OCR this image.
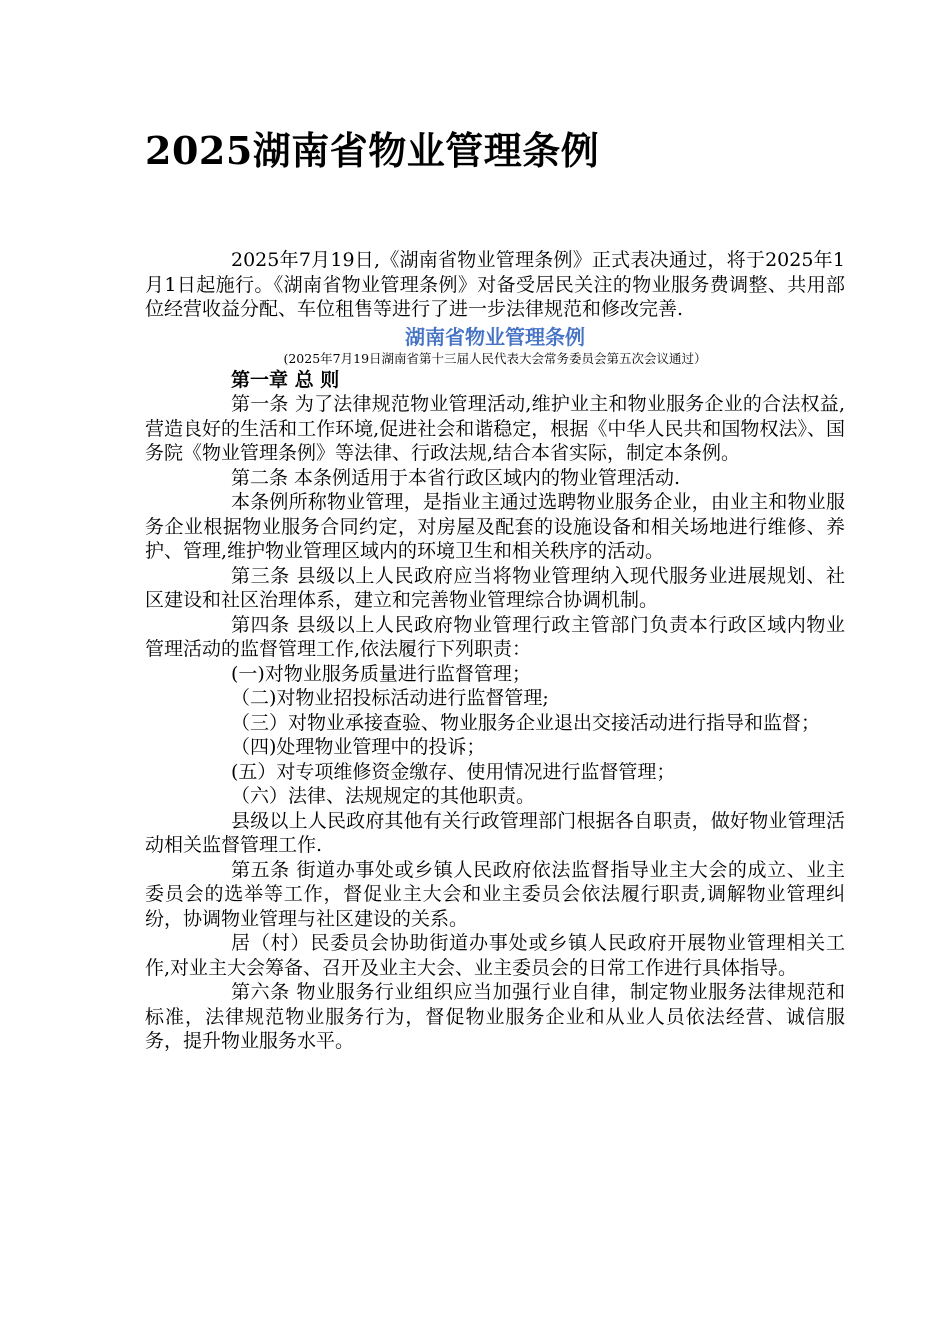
2025湖南省物业管理条例

2025年7月19日,《湖南省物业管理条例》正式表决通过，将于2025年1月1日起施行。《湖南省物业管理条例》对备受居民关注的物业服务费调整、共用部位经营收益分配、车位租售等进行了进一步法律规范和修改完善.

湖南省物业管理条例

(2025年7月19日湖南省第十三届人民代表大会常务委员会第五次会议通过）

第一章 总 则

第一条 为了法律规范物业管理活动,维护业主和物业服务企业的合法权益,营造良好的生活和工作环境,促进社会和谐稳定，根据《中华人民共和国物权法》、国务院《物业管理条例》等法律、行政法规,结合本省实际，制定本条例。

第二条 本条例适用于本省行政区域内的物业管理活动.

本条例所称物业管理，是指业主通过选聘物业服务企业，由业主和物业服务企业根据物业服务合同约定，对房屋及配套的设施设备和相关场地进行维修、养护、管理,维护物业管理区域内的环境卫生和相关秩序的活动。

第三条 县级以上人民政府应当将物业管理纳入现代服务业进展规划、社区建设和社区治理体系，建立和完善物业管理综合协调机制。

第四条 县级以上人民政府物业管理行政主管部门负责本行政区域内物业管理活动的监督管理工作,依法履行下列职责：

(一)对物业服务质量进行监督管理；

（二)对物业招投标活动进行监督管理;

（三）对物业承接查验、物业服务企业退出交接活动进行指导和监督；

（四)处理物业管理中的投诉；

(五）对专项维修资金缴存、使用情况进行监督管理；

（六）法律、法规规定的其他职责。

县级以上人民政府其他有关行政管理部门根据各自职责，做好物业管理活动相关监督管理工作.

第五条 街道办事处或乡镇人民政府依法监督指导业主大会的成立、业主委员会的选举等工作，督促业主大会和业主委员会依法履行职责,调解物业管理纠纷，协调物业管理与社区建设的关系。

居（村）民委员会协助街道办事处或乡镇人民政府开展物业管理相关工作,对业主大会筹备、召开及业主大会、业主委员会的日常工作进行具体指导。

第六条 物业服务行业组织应当加强行业自律，制定物业服务法律规范和标准，法律规范物业服务行为，督促物业服务企业和从业人员依法经营、诚信服务，提升物业服务水平。
